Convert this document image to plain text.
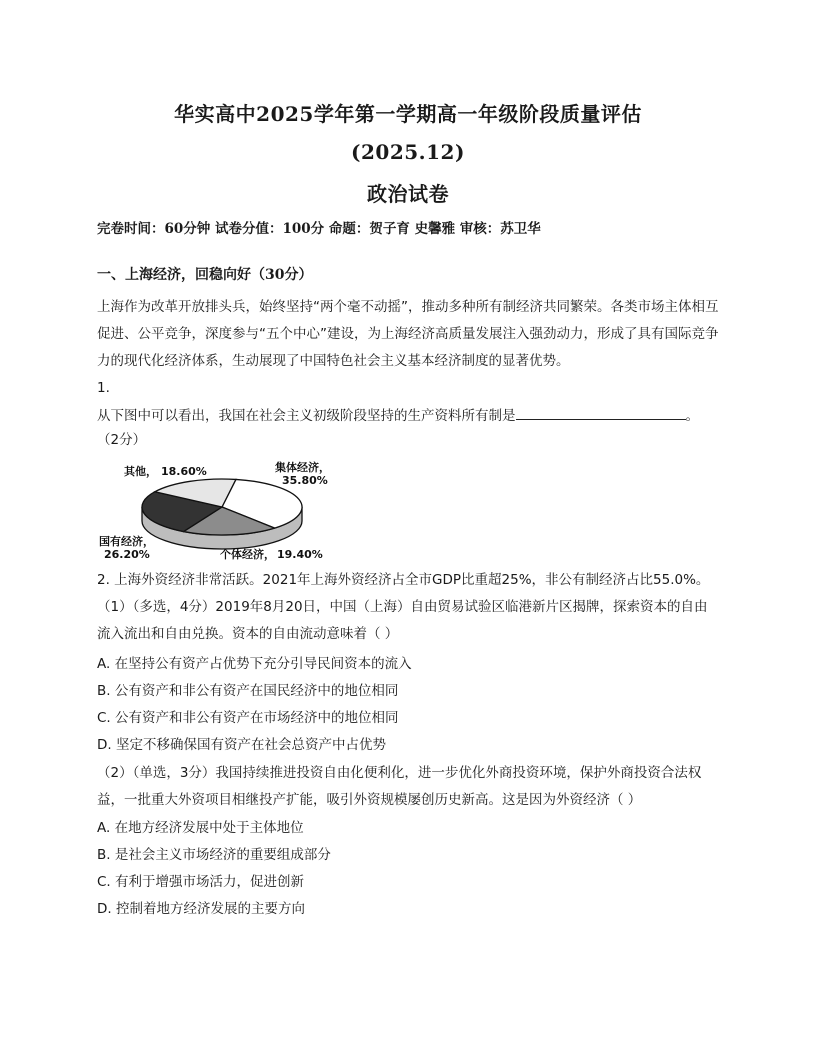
华实高中2025学年第一学期高一年级阶段质量评估
(2025.12)
政治试卷
完卷时间：60分钟 试卷分值：100分 命题：贺子育 史馨雅 审核：苏卫华
一、上海经济，回稳向好（30分）
上海作为改革开放排头兵，始终坚持“两个毫不动摇”，推动多种所有制经济共同繁荣。各类市场主体相互促进、公平竞争，深度参与“五个中心”建设，为上海经济高质量发展注入强劲动力，形成了具有国际竞争力的现代化经济体系，生动展现了中国特色社会主义基本经济制度的显著优势。
1.
从下图中可以看出，我国在社会主义初级阶段坚持的生产资料所有制是	。
（2分）
其他， 18.60%	集体经济，
35.80%
国有经济，
26.20%	个体经济， 19.40%
2. 上海外资经济非常活跃。2021年上海外资经济占全市GDP比重超25%，非公有制经济占比55.0%。
（1）（多选，4分）2019年8月20日，中国（上海）自由贸易试验区临港新片区揭牌，探索资本的自由流入流出和自由兑换。资本的自由流动意味着（ ）
A. 在坚持公有资产占优势下充分引导民间资本的流入
B. 公有资产和非公有资产在国民经济中的地位相同
C. 公有资产和非公有资产在市场经济中的地位相同
D. 坚定不移确保国有资产在社会总资产中占优势
（2）（单选，3分）我国持续推进投资自由化便利化，进一步优化外商投资环境，保护外商投资合法权益，一批重大外资项目相继投产扩能，吸引外资规模屡创历史新高。这是因为外资经济（ ）
A. 在地方经济发展中处于主体地位
B. 是社会主义市场经济的重要组成部分
C. 有利于增强市场活力，促进创新
D. 控制着地方经济发展的主要方向
